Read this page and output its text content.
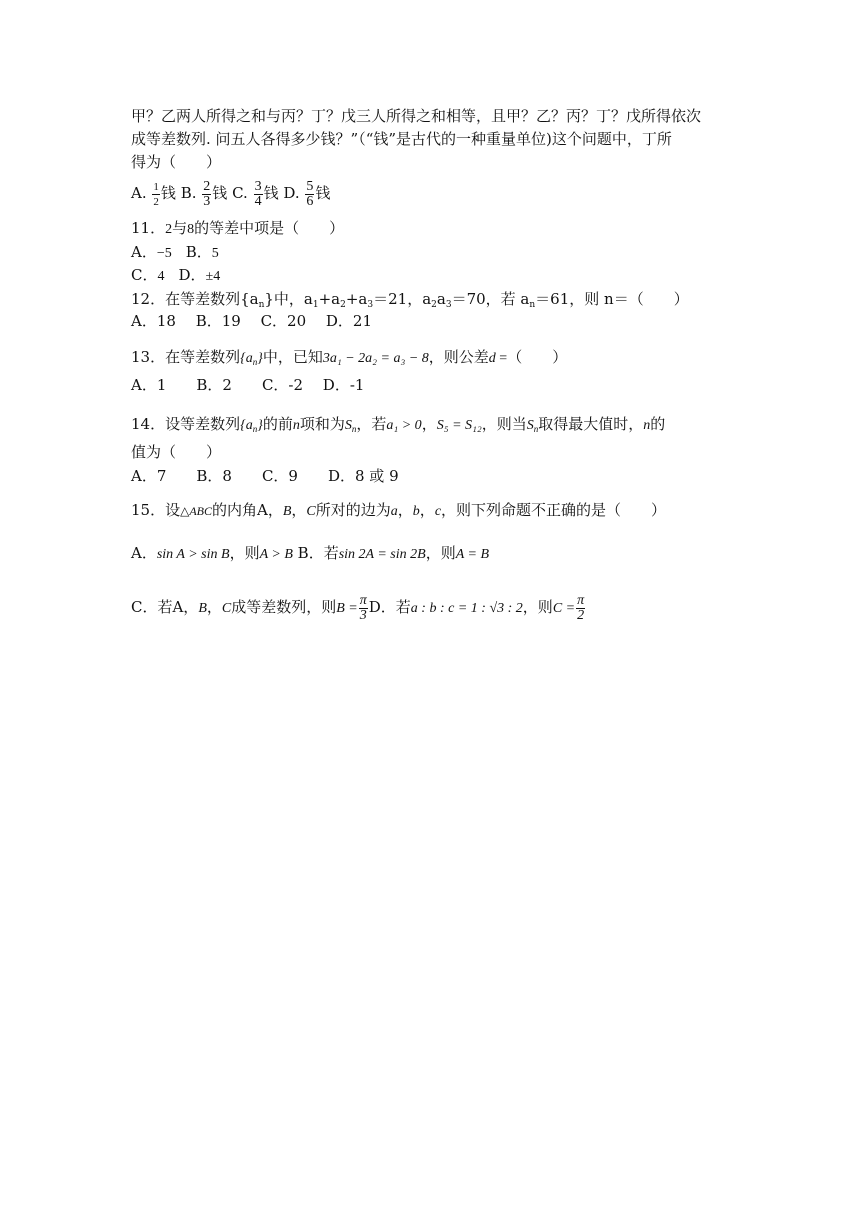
甲？乙两人所得之和与丙？丁？戊三人所得之和相等，且甲？乙？丙？丁？戊所得依次
成等差数列. 问五人各得多少钱？”（“钱”是古代的一种重量单位)这个问题中，丁所
得为（　　）
A. $\frac{1}{2}$ 钱 B. $\frac{2}{3}$ 钱 C. $\frac{3}{4}$ 钱 D. $\frac{5}{6}$ 钱
11．2与8的等差中项是（　　）
A．−5 B．5
C．4 D．±4
12．在等差数列$\{a_n\}$中，$a_1+a_2+a_3=21$，$a_2a_3=70$，若 $a_n=61$，则 n＝（　　）
A．18　 B．19　 C．20　 D．21
13．在等差数列$\{a_n\}$中，已知3a₁ − 2a₂ = a₃ − 8，则公差d =（　　）
A．1　　B．2　　C．-2　 D．-1
14．设等差数列$\{a_n\}$的前n项和为$S_n$，若a₁ > 0，S₅ = S₁₂，则当$S_n$取得最大值时，n的
值为（　　）
A．7　　B．8　　C．9　　D．8 或 9
15．设△ABC的内角A，B，C所对的边为a，b，c，则下列命题不正确的是（　　）
A．sin A > sin B，则A > B B．若sin 2A = sin 2B，则A = B
C．若A，B，C成等差数列，则$B = \frac{\pi}{3}$ D．若a : b : c = 1 : √3 : 2，则$C = \frac{\pi}{2}$
